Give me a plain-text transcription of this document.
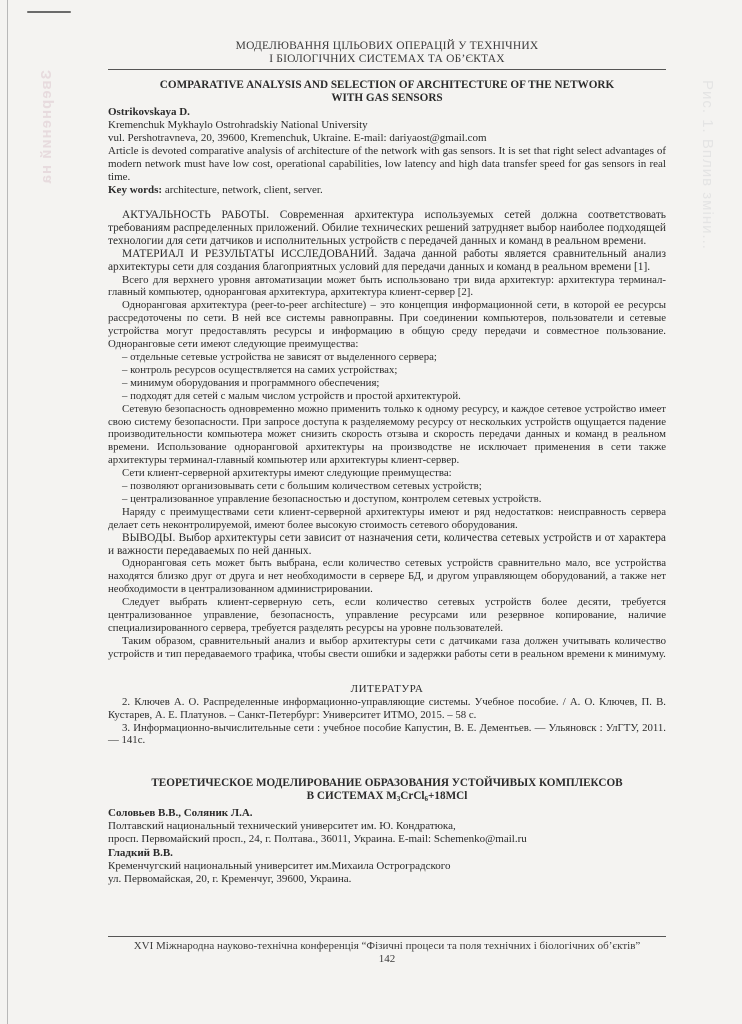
Звернений на	Рис. 1. Вплив зміни...
МОДЕЛЮВАННЯ ЦІЛЬОВИХ ОПЕРАЦІЙ У ТЕХНІЧНИХ
І БІОЛОГІЧНИХ СИСТЕМАХ ТА ОБ’ЄКТАХ
COMPARATIVE ANALYSIS AND SELECTION OF ARCHITECTURE OF THE NETWORK
WITH GAS SENSORS
Ostrikovskaya D.
Kremenchuk Mykhaylo Ostrohradskiy National University
vul. Pershotravneva, 20, 39600, Kremenchuk, Ukraine. E-mail: dariyaost@gmail.com
Article is devoted comparative analysis of architecture of the network with gas sensors. It is set that right select advantages of modern network must have low cost, operational capabilities, low latency and high data transfer speed for gas sensors in real time.
Key words: architecture, network, client, server.

АКТУАЛЬНОСТЬ РАБОТЫ. Современная архитектура используемых сетей должна соответствовать требованиям распределенных приложений. Обилие технических решений затрудняет выбор наиболее подходящей технологии для сети датчиков и исполнительных устройств с передачей данных и команд в реальном времени.

МАТЕРИАЛ И РЕЗУЛЬТАТЫ ИССЛЕДОВАНИЙ. Задача данной работы является сравнительный анализ архитектуры сети для создания благоприятных условий для передачи данных и команд в реальном времени [1].

Всего для верхнего уровня автоматизации может быть использовано три вида архитектур: архитектура терминал-главный компьютер, одноранговая архитектура, архитектура клиент-сервер [2].

Одноранговая архитектура (peer-to-peer architecture) – это концепция информационной сети, в которой ее ресурсы рассредоточены по сети. В ней все системы равноправны. При соединении компьютеров, пользователи и сетевые устройства могут предоставлять ресурсы и информацию в общую среду передачи и совместное пользование. Одноранговые сети имеют следующие преимущества:

– отдельные сетевые устройства не зависят от выделенного сервера;

– контроль ресурсов осуществляется на самих устройствах;

– минимум оборудования и программного обеспечения;

– подходят для сетей с малым числом устройств и простой архитектурой.

Сетевую безопасность одновременно можно применить только к одному ресурсу, и каждое сетевое устройство имеет свою систему безопасности. При запросе доступа к разделяемому ресурсу от нескольких устройств ощущается падение производительности компьютера может снизить скорость отзыва и скорость передачи данных и команд в реальном времени. Использование одноранговой архитектуры на производстве не исключает применения в сети также архитектуры терминал-главный компьютер или архитектуры клиент-сервер.

Сети клиент-серверной архитектуры имеют следующие преимущества:

– позволяют организовывать сети с большим количеством сетевых устройств;

– централизованное управление безопасностью и доступом, контролем сетевых устройств.

Наряду с преимуществами сети клиент-серверной архитектуры имеют и ряд недостатков: неисправность сервера делает сеть неконтролируемой, имеют более высокую стоимость сетевого оборудования.

ВЫВОДЫ. Выбор архитектуры сети зависит от назначения сети, количества сетевых устройств и от характера и важности передаваемых по ней данных.

Одноранговая сеть может быть выбрана, если количество сетевых устройств сравнительно мало, все устройства находятся близко друг от друга и нет необходимости в сервере БД, и другом управляющем оборудований, а также нет необходимости в централизованном администрировании.

Следует выбрать клиент-серверную сеть, если количество сетевых устройств более десяти, требуется централизованное управление, безопасность, управление ресурсами или резервное копирование, наличие специализированного сервера, требуется разделять ресурсы на уровне пользователей.

Таким образом, сравнительный анализ и выбор архитектуры сети с датчиками газа должен учитывать количество устройств и тип передаваемого трафика, чтобы свести ошибки и задержки работы сети в реальном времени к минимуму.

ЛИТЕРАТУРА

2. Ключев А. О. Распределенные информационно-управляющие системы. Учебное пособие. / А. О. Ключев, П. В. Кустарев, А. Е. Платунов. – Санкт-Петербург: Университет ИТМО, 2015. – 58 с.

3. Информационно-вычислительные сети : учебное пособие Капустин, В. Е. Дементьев. — Ульяновск : УлГТУ, 2011. — 141с.

ТЕОРЕТИЧЕСКОЕ МОДЕЛИРОВАНИЕ ОБРАЗОВАНИЯ УСТОЙЧИВЫХ КОМПЛЕКСОВ
В СИСТЕМАХ $M_3CrCl_6+18MCl$
Соловьев В.В., Соляник Л.А.
Полтавский национальный технический университет им. Ю. Кондратюка,
просп. Первомайский просп., 24, г. Полтава., 36011, Украина. E-mail: Schemenko@mail.ru
Гладкий В.В.
Кременчугский национальный университет им.Михаила Остроградского
ул. Первомайская, 20, г. Кременчуг, 39600, Украина.
XVI Міжнародна науково-технічна конференція “Фізичні процеси та поля технічних і біологічних об’єктів”
142
